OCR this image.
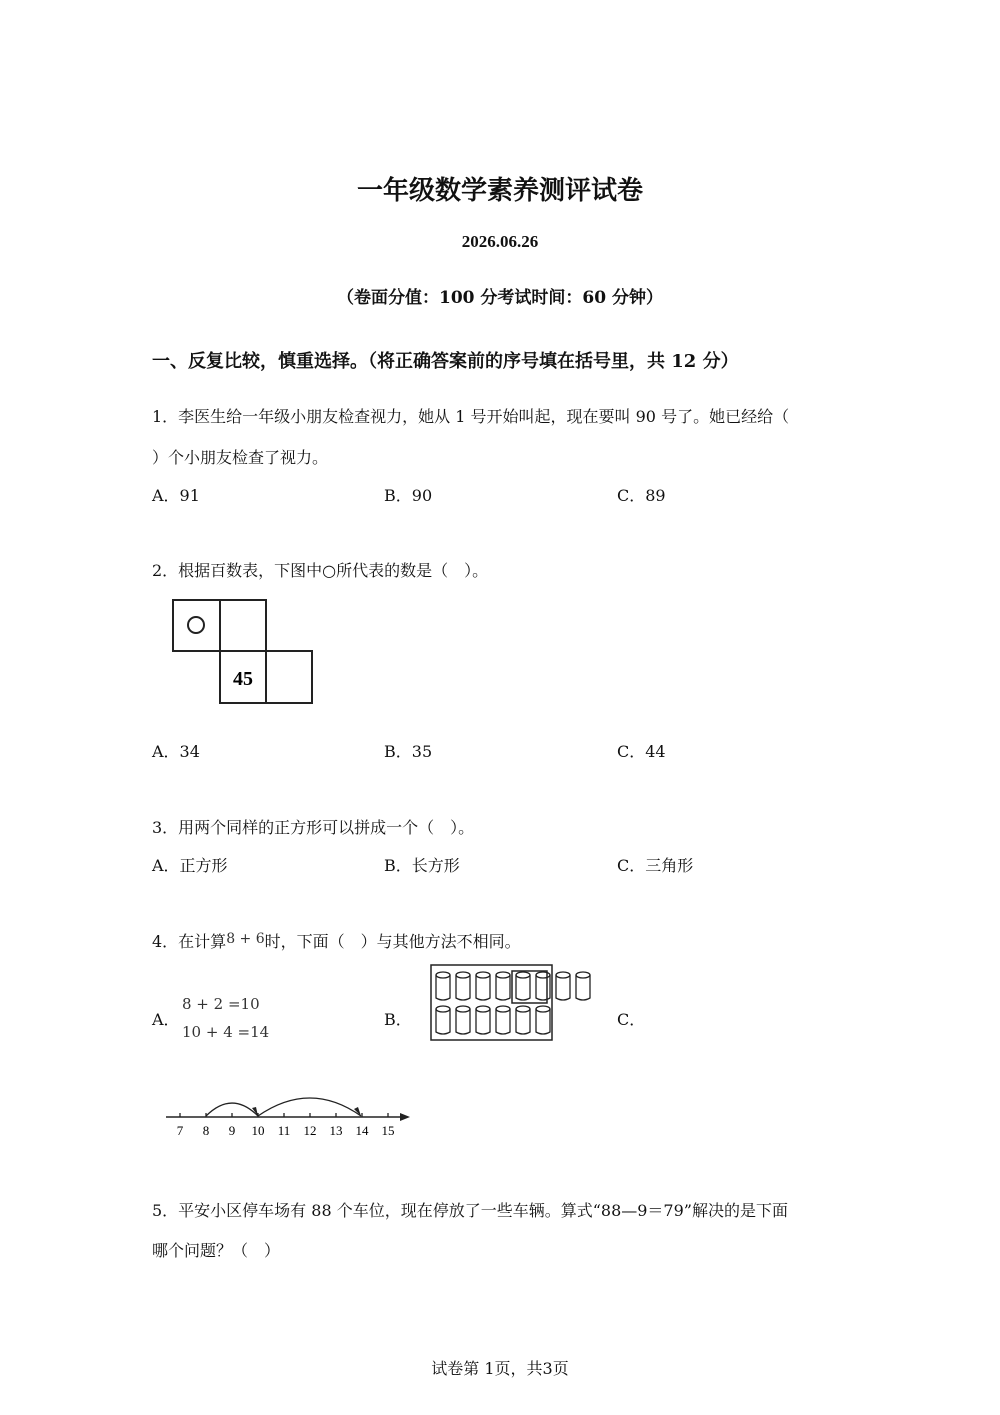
一年级数学素养测评试卷
2026.06.26
（卷面分值：100 分考试时间：60 分钟）
一、反复比较，慎重选择。（将正确答案前的序号填在括号里，共 12 分）
1．李医生给一年级小朋友检查视力，她从 1 号开始叫起，现在要叫 90 号了。她已经给（
）个小朋友检查了视力。
A．91	B．90	C．89
2．根据百数表，下图中○所代表的数是（　）。
45
A．34	B．35	C．44
3．用两个同样的正方形可以拼成一个（　）。
A．正方形	B．长方形	C．三角形
4．在计算8 + 6时，下面（　）与其他方法不相同。
A．
8 + 2 =10
10 + 4 =14
B．	C．
7 8 9 10 11 12 13 14 15
5．平安小区停车场有 88 个车位，现在停放了一些车辆。算式“88—9＝79”解决的是下面
哪个问题？（　）
试卷第 1页，共3页
